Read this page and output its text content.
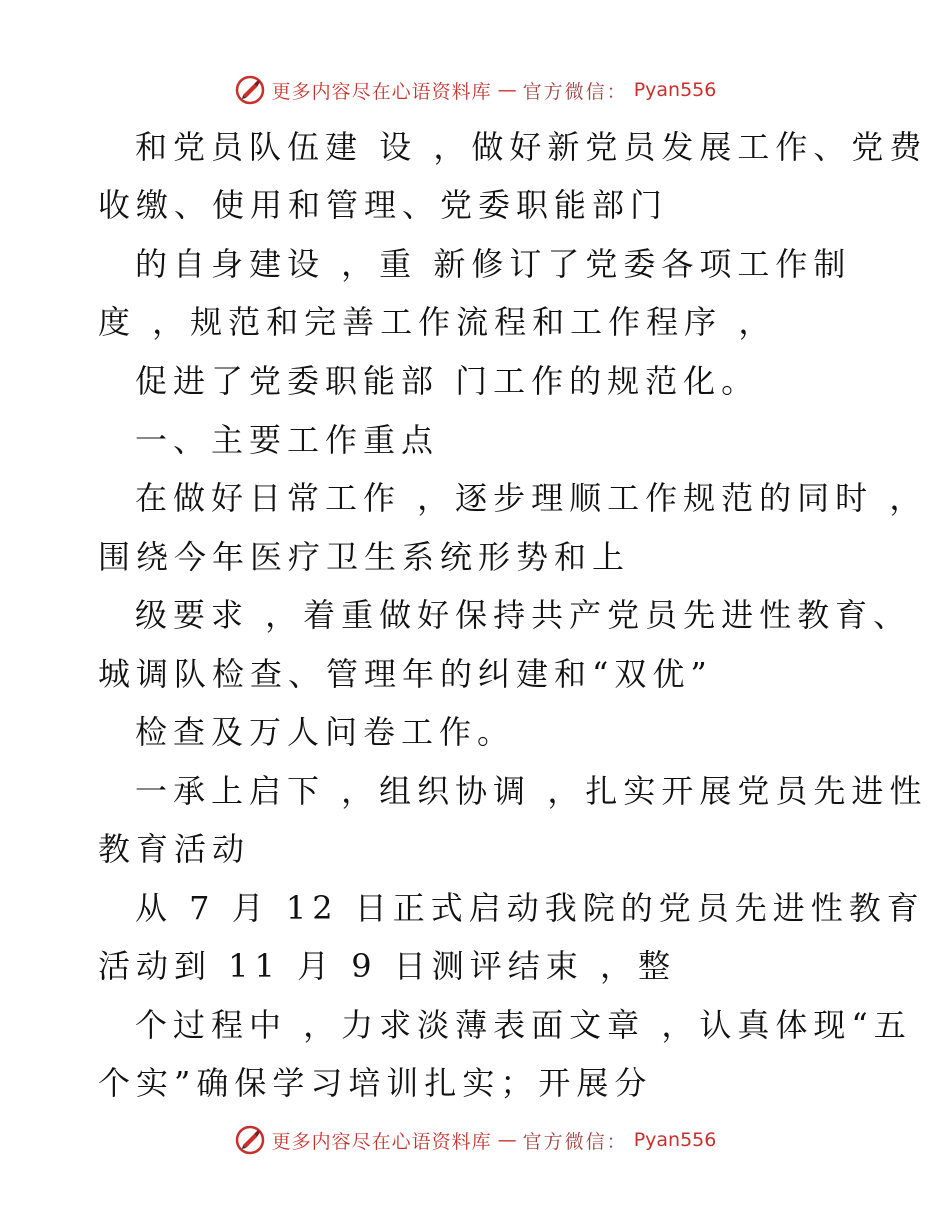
更多内容尽在心语资料库 — 官方微信： Pyan556
和党员队伍建 设 ，做好新党员发展工作、党费
收缴、使用和管理、党委职能部门
的自身建设 ，重 新修订了党委各项工作制
度 ，规范和完善工作流程和工作程序 ，
促进了党委职能部 门工作的规范化。
一、主要工作重点
在做好日常工作 ，逐步理顺工作规范的同时 ，
围绕今年医疗卫生系统形势和上
级要求 ，着重做好保持共产党员先进性教育、
城调队检查、管理年的纠建和“双优”
检查及万人问卷工作。
一承上启下 ，组织协调 ，扎实开展党员先进性
教育活动
从 7 月 12 日正式启动我院的党员先进性教育
活动到 11 月 9 日测评结束 ，整
个过程中 ，力求淡薄表面文章 ，认真体现“五
个实”确保学习培训扎实；开展分
更多内容尽在心语资料库 — 官方微信： Pyan556
